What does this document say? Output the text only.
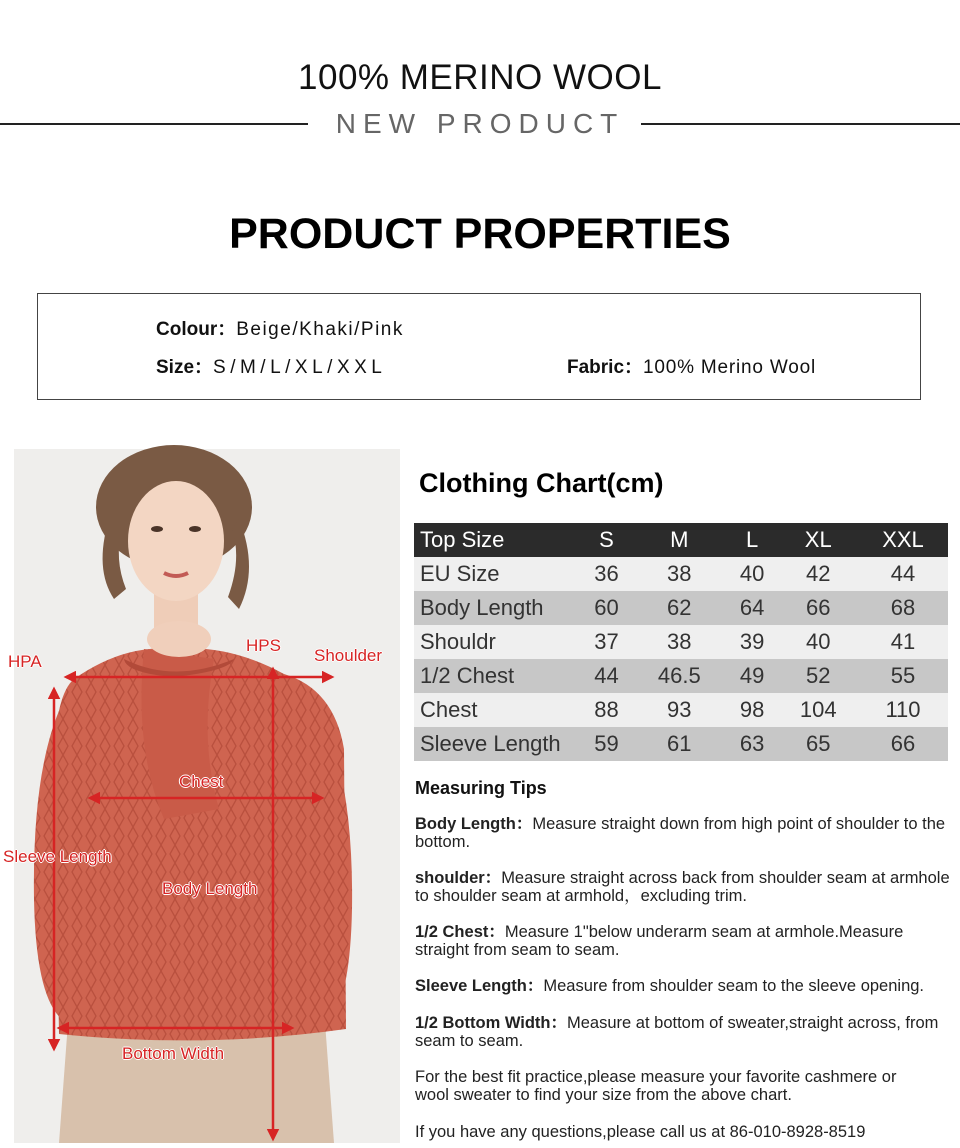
100% MERINO WOOL
NEW PRODUCT
PRODUCT PROPERTIES
Colour：Beige/Khaki/Pink
Size：S/M/L/XL/XXL	Fabric：100% Merino Wool
HPA
HPS
Shoulder
Chest
Sleeve Length
Body Length
Bottom Width
Clothing Chart(cm)
Top Size	S	M	L	XL	XXL
EU Size	36	38	40	42	44
Body Length	60	62	64	66	68
Shouldr	37	38	39	40	41
1/2 Chest	44	46.5	49	52	55
Chest	88	93	98	104	110
Sleeve Length	59	61	63	65	66
Measuring Tips
Body Length：Measure straight down from high point of shoulder to the bottom.
shoulder：Measure straight across back from shoulder seam at armhole to shoulder seam at armhold，excluding trim.
1/2 Chest：Measure 1"below underarm seam at armhole.Measure straight from seam to seam.
Sleeve Length：Measure from shoulder seam to the sleeve opening.
1/2 Bottom Width：Measure at bottom of sweater,straight across, from seam to seam.
For the best fit practice,please measure your favorite cashmere or wool sweater to find your size from the above chart.
If you have any questions,please call us at 86-010-8928-8519
